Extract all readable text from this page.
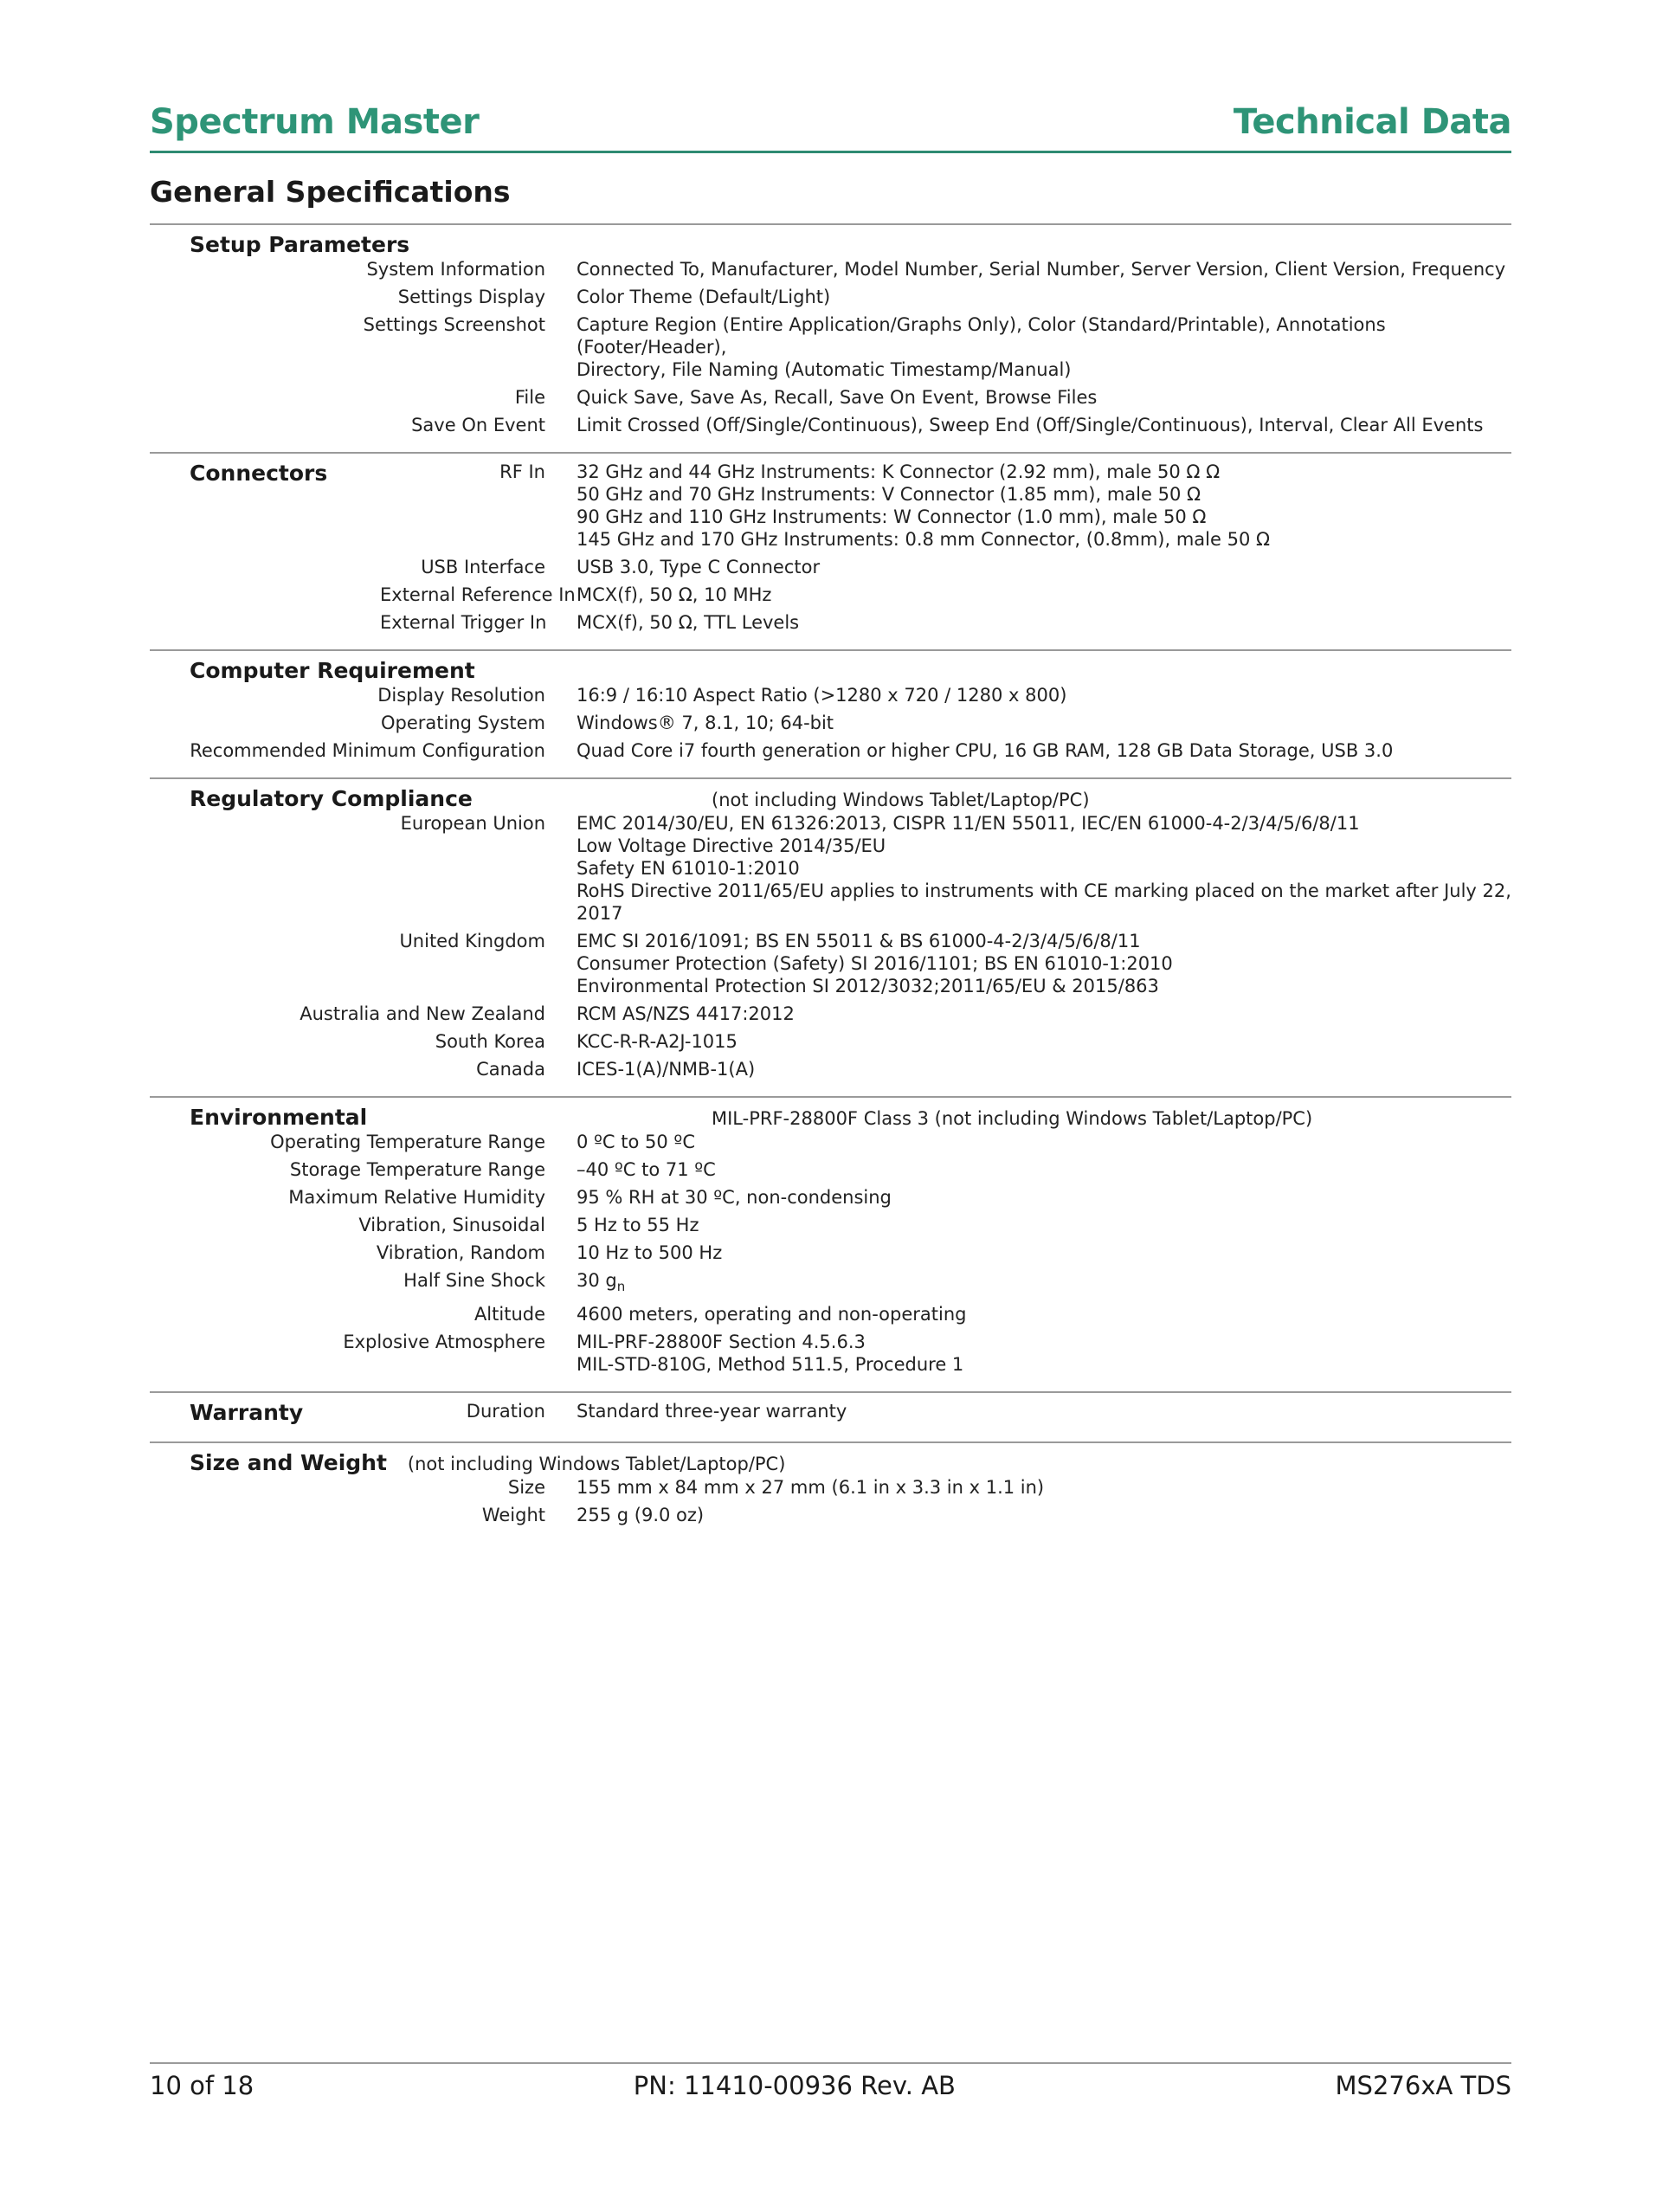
Spectrum Master	Technical Data
General Specifications
Setup Parameters
System Information	Connected To, Manufacturer, Model Number, Serial Number, Server Version, Client Version, Frequency
Settings Display	Color Theme (Default/Light)
Settings Screenshot	Capture Region (Entire Application/Graphs Only), Color (Standard/Printable), Annotations (Footer/Header),
Directory, File Naming (Automatic Timestamp/Manual)
File	Quick Save, Save As, Recall, Save On Event, Browse Files
Save On Event	Limit Crossed (Off/Single/Continuous), Sweep End (Off/Single/Continuous), Interval, Clear All Events
Connectors	RF In	32 GHz and 44 GHz Instruments: K Connector (2.92 mm), male 50 Ω Ω
50 GHz and 70 GHz Instruments: V Connector (1.85 mm), male 50 Ω
90 GHz and 110 GHz Instruments: W Connector (1.0 mm), male 50 Ω
145 GHz and 170 GHz Instruments: 0.8 mm Connector, (0.8mm), male 50 Ω
USB Interface	USB 3.0, Type C Connector
External Reference In MCX(f), 50 Ω, 10 MHz
External Trigger In	MCX(f), 50 Ω, TTL Levels
Computer Requirement
Display Resolution	16:9 / 16:10 Aspect Ratio (>1280 x 720 / 1280 x 800)
Operating System	Windows® 7, 8.1, 10; 64-bit
Recommended Minimum Configuration	Quad Core i7 fourth generation or higher CPU, 16 GB RAM, 128 GB Data Storage, USB 3.0
Regulatory Compliance	(not including Windows Tablet/Laptop/PC)
European Union	EMC 2014/30/EU, EN 61326:2013, CISPR 11/EN 55011, IEC/EN 61000-4-2/3/4/5/6/8/11
Low Voltage Directive 2014/35/EU
Safety EN 61010-1:2010
RoHS Directive 2011/65/EU applies to instruments with CE marking placed on the market after July 22, 2017
United Kingdom	EMC SI 2016/1091; BS EN 55011 & BS 61000-4-2/3/4/5/6/8/11
Consumer Protection (Safety) SI 2016/1101; BS EN 61010-1:2010
Environmental Protection SI 2012/3032;2011/65/EU & 2015/863
Australia and New Zealand	RCM AS/NZS 4417:2012
South Korea	KCC-R-R-A2J-1015
Canada	ICES-1(A)/NMB-1(A)
Environmental	MIL-PRF-28800F Class 3 (not including Windows Tablet/Laptop/PC)
Operating Temperature Range	0 ºC to 50 ºC
Storage Temperature Range	–40 ºC to 71 ºC
Maximum Relative Humidity	95 % RH at 30 ºC, non-condensing
Vibration, Sinusoidal	5 Hz to 55 Hz
Vibration, Random	10 Hz to 500 Hz
Half Sine Shock	30 $g_n$
Altitude	4600 meters, operating and non-operating
Explosive Atmosphere	MIL-PRF-28800F Section 4.5.6.3
MIL-STD-810G, Method 511.5, Procedure 1
Warranty	Duration	Standard three-year warranty
Size and Weight	(not including Windows Tablet/Laptop/PC)
Size	155 mm x 84 mm x 27 mm (6.1 in x 3.3 in x 1.1 in)
Weight	255 g (9.0 oz)
10 of 18	PN: 11410-00936 Rev. AB	MS276xA TDS
